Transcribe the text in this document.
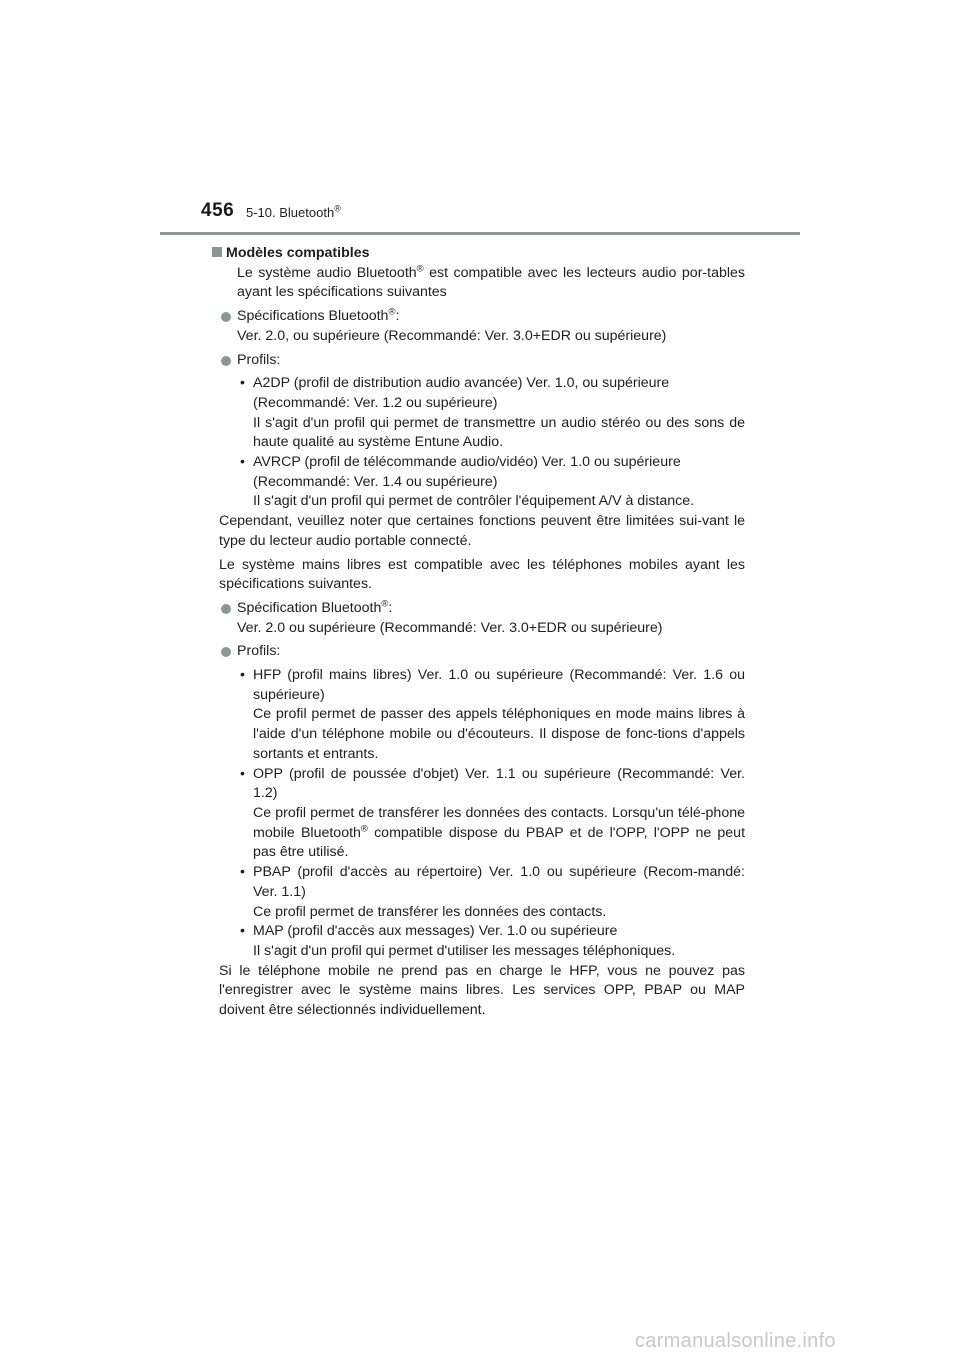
456 5-10. Bluetooth®

Modèles compatibles

Le système audio Bluetooth® est compatible avec les lecteurs audio por-tables ayant les spécifications suivantes

Spécifications Bluetooth®:
Ver. 2.0, ou supérieure (Recommandé: Ver. 3.0+EDR ou supérieure)

Profils:

• A2DP (profil de distribution audio avancée) Ver. 1.0, ou supérieure

(Recommandé: Ver. 1.2 ou supérieure)

Il s'agit d'un profil qui permet de transmettre un audio stéréo ou des sons de haute qualité au système Entune Audio.

• AVRCP (profil de télécommande audio/vidéo) Ver. 1.0 ou supérieure

(Recommandé: Ver. 1.4 ou supérieure)

Il s'agit d'un profil qui permet de contrôler l'équipement A/V à distance.

Cependant, veuillez noter que certaines fonctions peuvent être limitées sui-vant le type du lecteur audio portable connecté.

Le système mains libres est compatible avec les téléphones mobiles ayant les spécifications suivantes.

Spécification Bluetooth®:
Ver. 2.0 ou supérieure (Recommandé: Ver. 3.0+EDR ou supérieure)

Profils:

• HFP (profil mains libres) Ver. 1.0 ou supérieure (Recommandé: Ver. 1.6 ou supérieure)

Ce profil permet de passer des appels téléphoniques en mode mains libres à l'aide d'un téléphone mobile ou d'écouteurs. Il dispose de fonc-tions d'appels sortants et entrants.

• OPP (profil de poussée d'objet) Ver. 1.1 ou supérieure (Recommandé: Ver. 1.2)

Ce profil permet de transférer les données des contacts. Lorsqu'un télé-phone mobile Bluetooth® compatible dispose du PBAP et de l'OPP, l'OPP ne peut pas être utilisé.

• PBAP (profil d'accès au répertoire) Ver. 1.0 ou supérieure (Recom-mandé: Ver. 1.1)

Ce profil permet de transférer les données des contacts.

• MAP (profil d'accès aux messages) Ver. 1.0 ou supérieure

Il s'agit d'un profil qui permet d'utiliser les messages téléphoniques.

Si le téléphone mobile ne prend pas en charge le HFP, vous ne pouvez pas l'enregistrer avec le système mains libres. Les services OPP, PBAP ou MAP doivent être sélectionnés individuellement.

carmanualsonline.info
